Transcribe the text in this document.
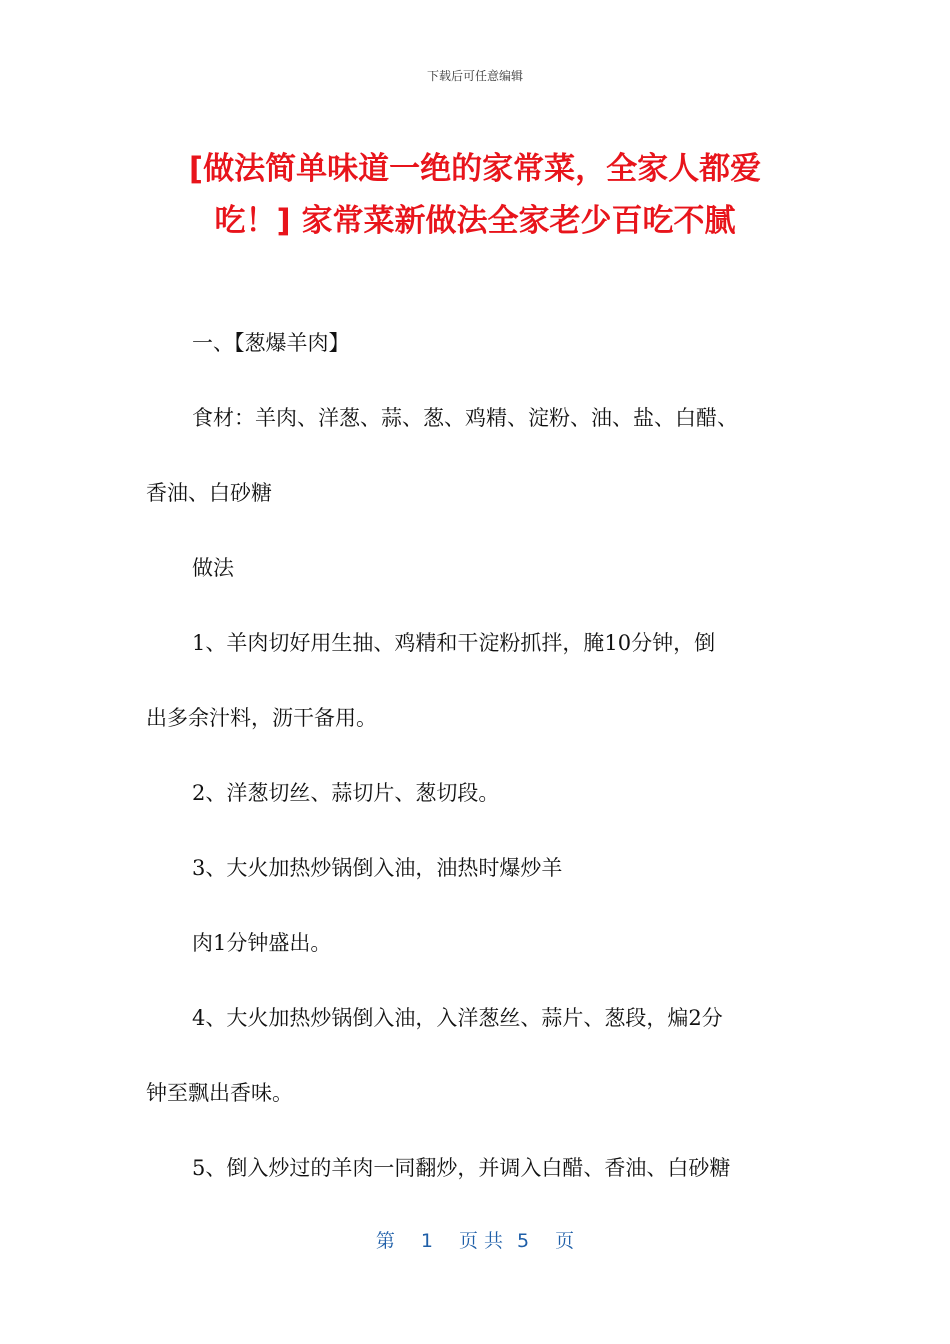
下载后可任意编辑
[做法简单味道一绝的家常菜，全家人都爱
吃！] 家常菜新做法全家老少百吃不腻

一、【葱爆羊肉】

食材：羊肉、洋葱、蒜、葱、鸡精、淀粉、油、盐、白醋、

香油、白砂糖

做法

1、羊肉切好用生抽、鸡精和干淀粉抓拌，腌10分钟，倒

出多余汁料，沥干备用。

2、洋葱切丝、蒜切片、葱切段。

3、大火加热炒锅倒入油，油热时爆炒羊

肉1分钟盛出。

4、大火加热炒锅倒入油，入洋葱丝、蒜片、葱段，煸2分

钟至飘出香味。

5、倒入炒过的羊肉一同翻炒，并调入白醋、香油、白砂糖

第 1 页 共 5 页
